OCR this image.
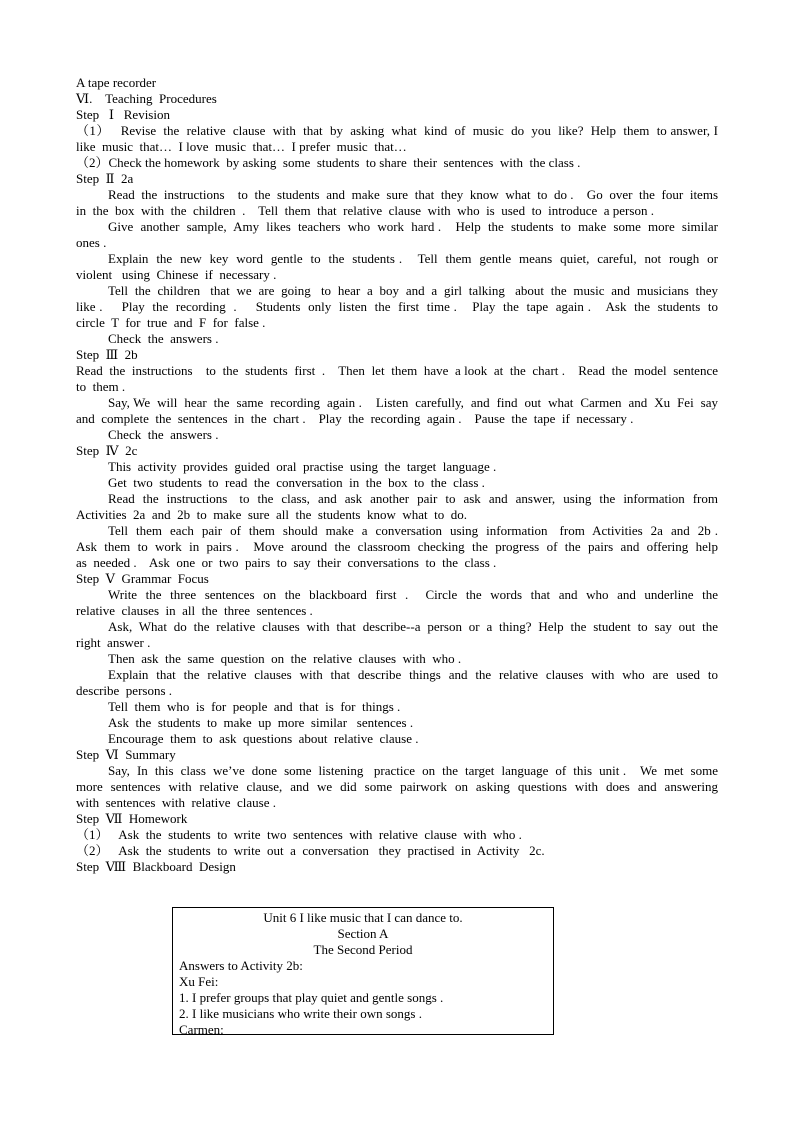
A tape recorder
Ⅵ.    Teaching  Procedures
Step   Ⅰ   Revision
（1）   Revise  the  relative  clause  with  that  by  asking  what  kind  of  music  do  you  like?  Help  them  to answer, I like  music  that…  I love  music  that…  I prefer  music  that…
（2）Check the homework  by asking  some  students  to share  their  sentences  with  the class .
Step  Ⅱ  2a
Read  the  instructions    to  the  students  and  make  sure  that  they  know  what  to  do .    Go  over  the  four  items  in  the  box  with  the  children  .    Tell  them  that  relative  clause  with  who  is  used  to  introduce  a person .
Give  another  sample,  Amy  likes  teachers  who  work  hard .    Help  the  students  to  make  some  more  similar   ones .
Explain  the  new  key  word  gentle  to  the  students .    Tell  them  gentle  means  quiet,  careful,  not  rough  or  violent   using  Chinese  if  necessary .
Tell  the  children   that  we  are  going   to  hear  a  boy  and  a  girl  talking   about  the  music  and  musicians  they  like .     Play  the  recording  .     Students  only  listen  the  first  time .    Play  the  tape  again .    Ask  the  students  to  circle  T  for  true  and  F  for  false .
Check  the  answers .
Step  Ⅲ  2b
Read  the  instructions    to  the  students  first  .    Then  let  them  have  a look  at  the  chart .    Read  the  model  sentence  to  them .
Say, We  will  hear  the  same  recording  again .    Listen  carefully,  and  find  out  what  Carmen  and  Xu  Fei  say  and  complete  the  sentences  in  the  chart .    Play  the  recording  again .    Pause  the  tape  if  necessary .
Check  the  answers .
Step  Ⅳ  2c
This  activity  provides  guided  oral  practise  using  the  target  language .
Get  two  students  to  read  the  conversation  in  the  box  to  the  class .
Read  the  instructions   to  the  class,  and  ask  another  pair  to  ask  and  answer,  using  the  information  from  Activities  2a  and  2b  to  make  sure  all  the  students  know  what  to  do.
Tell  them  each  pair  of  them  should  make  a  conversation  using  information   from  Activities  2a  and  2b .    Ask  them  to  work  in  pairs .    Move  around  the  classroom  checking  the  progress  of  the  pairs  and  offering  help  as  needed .    Ask  one  or  two  pairs  to  say  their  conversations  to  the  class .
Step  Ⅴ  Grammar  Focus
Write  the  three  sentences  on  the  blackboard  first  .    Circle  the  words  that  and  who  and  underline  the  relative  clauses  in  all  the  three  sentences .
Ask,  What  do  the  relative  clauses  with  that  describe--a  person  or  a  thing?  Help  the  student  to  say  out  the  right  answer .
Then  ask  the  same  question  on  the  relative  clauses  with  who .
Explain  that  the  relative  clauses  with  that  describe  things  and  the  relative  clauses  with  who  are  used  to  describe  persons .
Tell  them  who  is  for  people  and  that  is  for  things .
Ask  the  students  to  make  up  more  similar   sentences .
Encourage  them  to  ask  questions  about  relative  clause .
Step  Ⅵ  Summary
Say,  In  this  class  we’ve  done  some  listening   practice  on  the  target  language  of  this  unit .    We  met  some  more  sentences  with  relative  clause,  and  we  did  some  pairwork  on  asking  questions  with  does  and  answering  with  sentences  with  relative  clause .
Step  Ⅶ  Homework
（1）   Ask  the  students  to  write  two  sentences  with  relative  clause  with  who .
（2）   Ask  the  students  to  write  out  a  conversation   they  practised  in  Activity   2c.
Step  Ⅷ  Blackboard  Design
Unit 6 I like music that I can dance to.
Section A
The Second Period
Answers to Activity 2b:
Xu Fei:
1. I prefer groups that play quiet and gentle songs .
2. I like musicians who write their own songs .
Carmen:
